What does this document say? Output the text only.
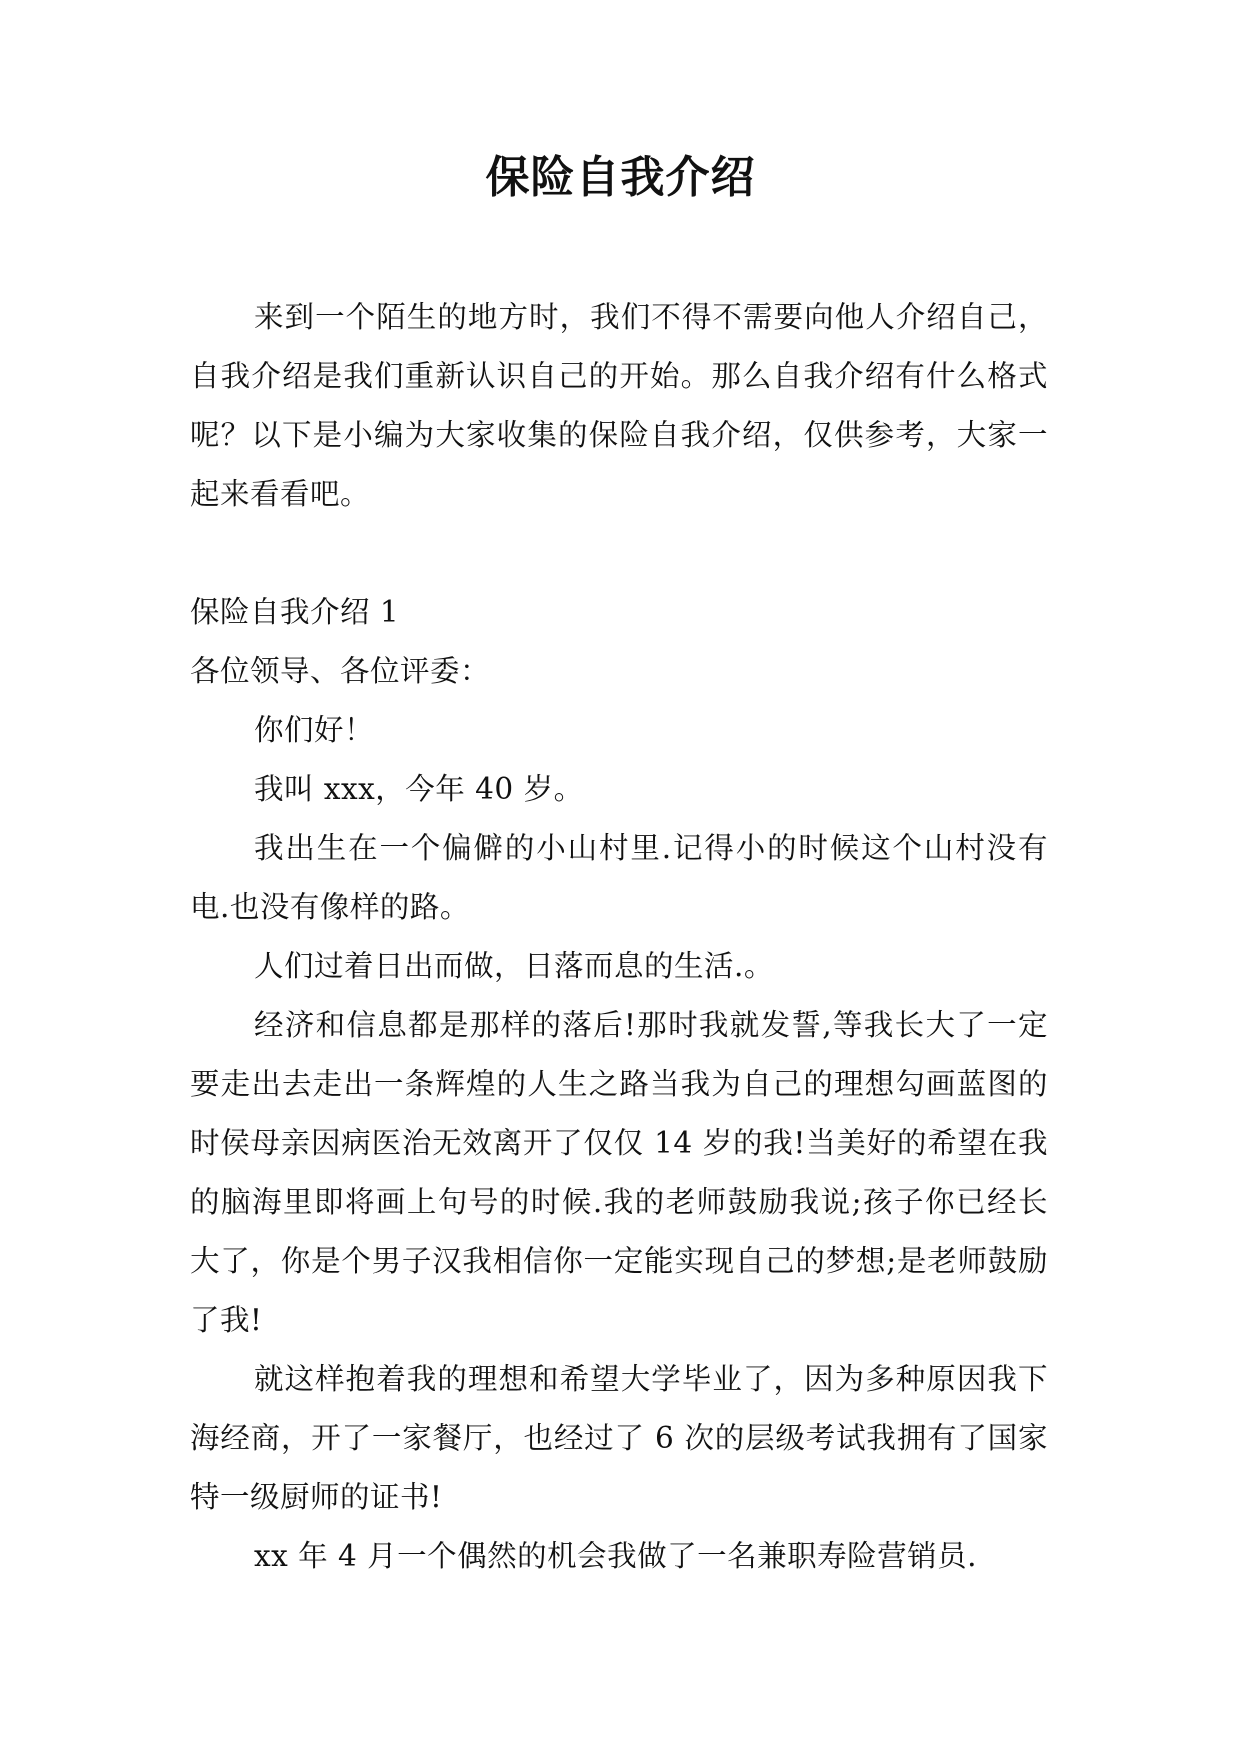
保险自我介绍

来到一个陌生的地方时，我们不得不需要向他人介绍自己，自我介绍是我们重新认识自己的开始。那么自我介绍有什么格式呢？以下是小编为大家收集的保险自我介绍，仅供参考，大家一起来看看吧。

保险自我介绍 1

各位领导、各位评委：

你们好！

我叫 xxx，今年 40 岁。

我出生在一个偏僻的小山村里.记得小的时候这个山村没有电.也没有像样的路。

人们过着日出而做，日落而息的生活.。

经济和信息都是那样的落后!那时我就发誓,等我长大了一定要走出去走出一条辉煌的人生之路当我为自己的理想勾画蓝图的时侯母亲因病医治无效离开了仅仅 14 岁的我!当美好的希望在我的脑海里即将画上句号的时候.我的老师鼓励我说;孩子你已经长大了，你是个男子汉我相信你一定能实现自己的梦想;是老师鼓励了我!

就这样抱着我的理想和希望大学毕业了，因为多种原因我下海经商，开了一家餐厅，也经过了 6 次的层级考试我拥有了国家特一级厨师的证书!

xx 年 4 月一个偶然的机会我做了一名兼职寿险营销员.
